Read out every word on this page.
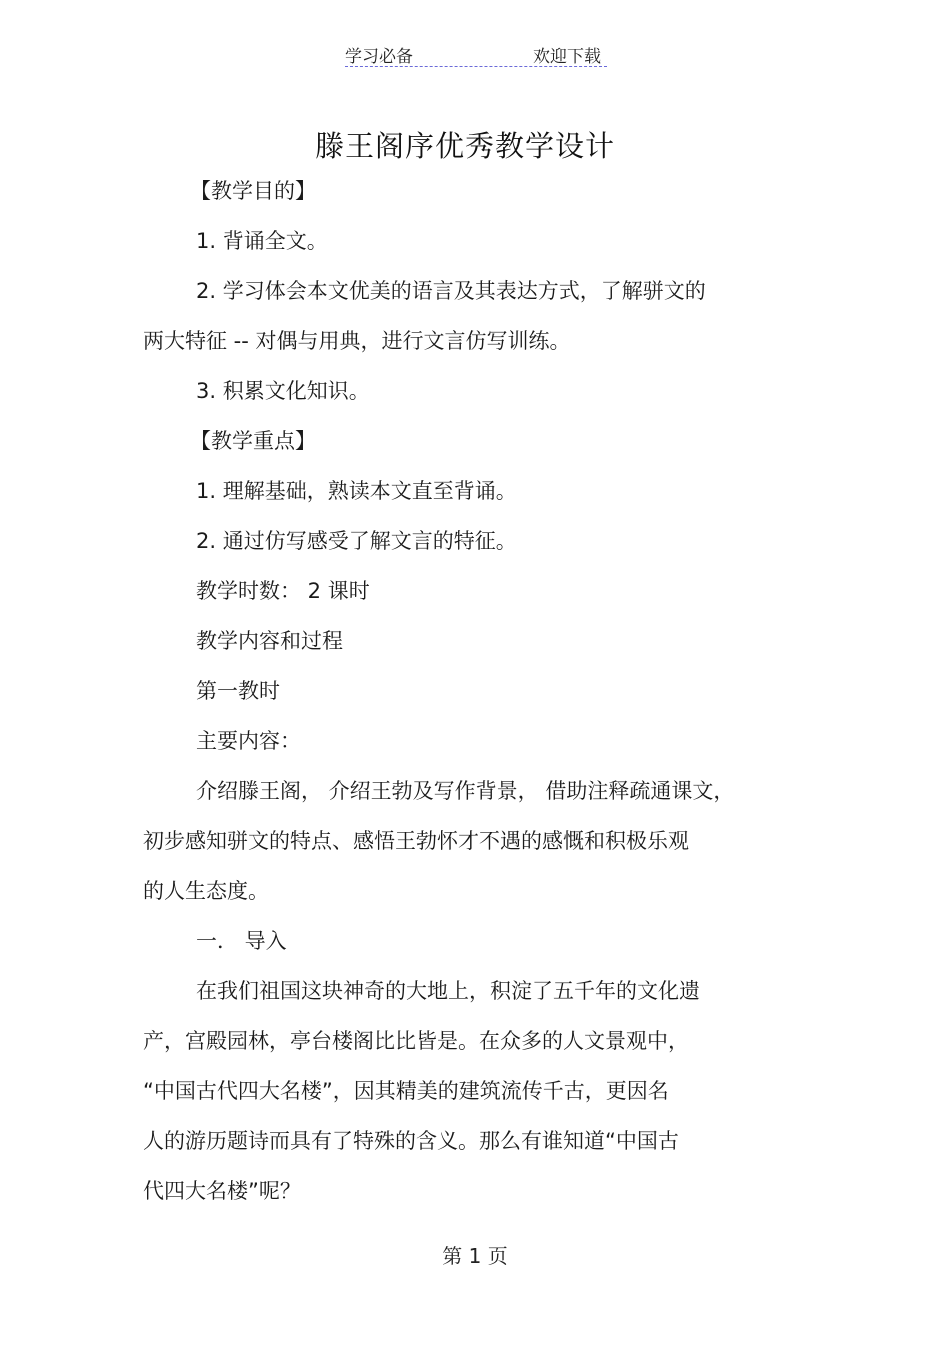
学习必备	欢迎下载
滕王阁序优秀教学设计
【教学目的】
1. 背诵全文。
2. 学习体会本文优美的语言及其表达方式，了解骈文的
两大特征 -- 对偶与用典，进行文言仿写训练。
3. 积累文化知识。
【教学重点】
1. 理解基础，熟读本文直至背诵。
2. 通过仿写感受了解文言的特征。
教学时数： 2 课时
教学内容和过程
第一教时
主要内容：
介绍滕王阁， 介绍王勃及写作背景， 借助注释疏通课文，
初步感知骈文的特点、感悟王勃怀才不遇的感慨和积极乐观
的人生态度。
一． 导入
在我们祖国这块神奇的大地上，积淀了五千年的文化遗
产，宫殿园林，亭台楼阁比比皆是。在众多的人文景观中，
“中国古代四大名楼”，因其精美的建筑流传千古，更因名
人的游历题诗而具有了特殊的含义。那么有谁知道“中国古
代四大名楼”呢？
第 1 页
